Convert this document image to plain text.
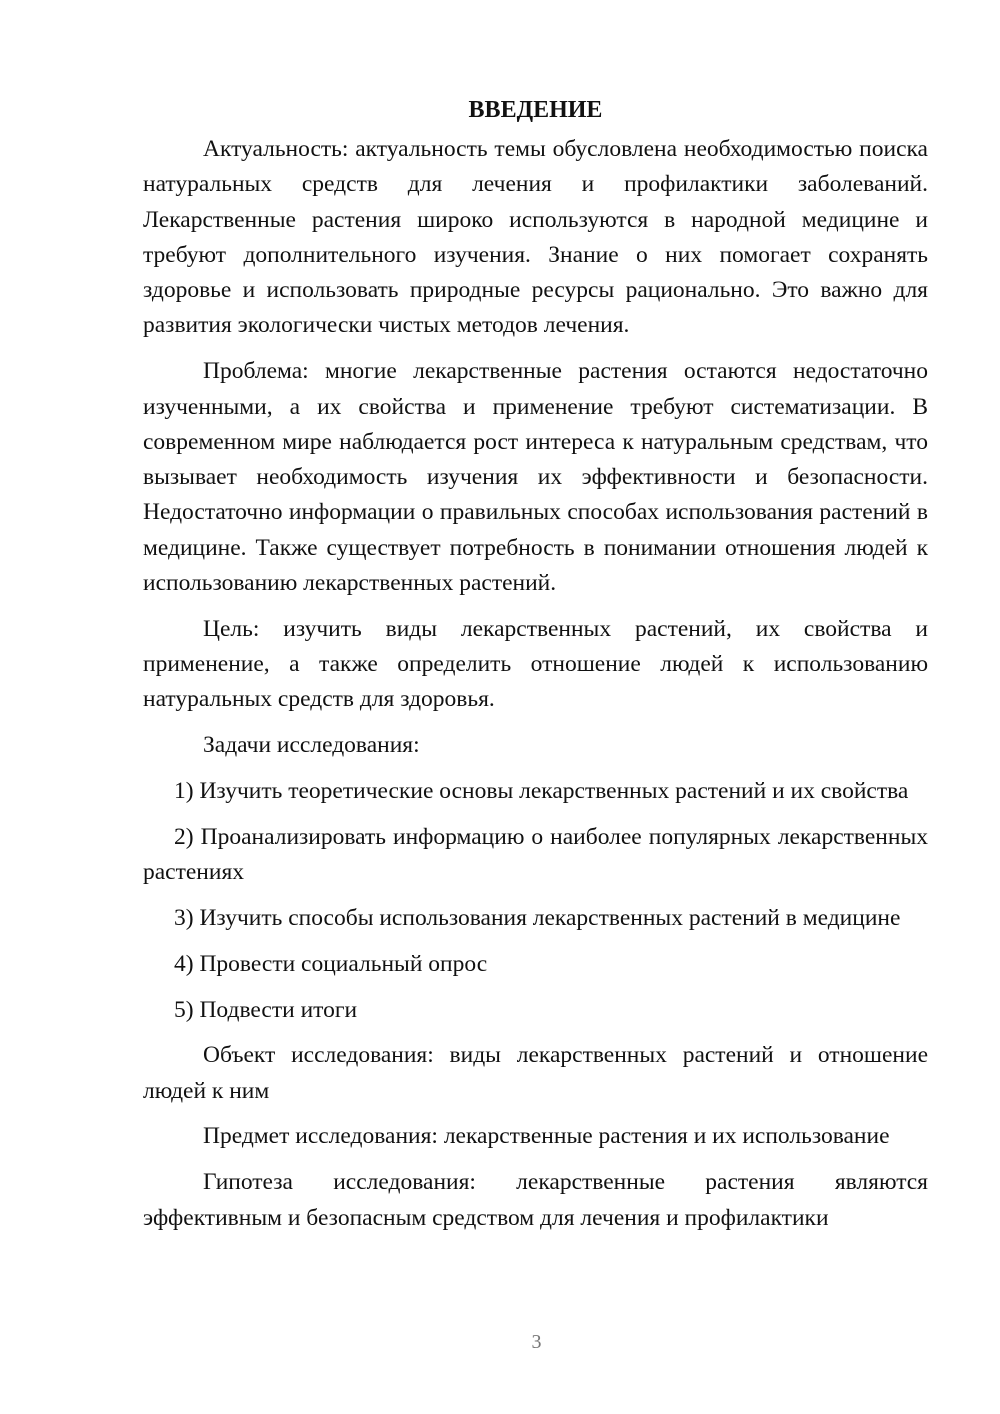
ВВЕДЕНИЕ

Актуальность: актуальность темы обусловлена необходимостью поиска натуральных средств для лечения и профилактики заболеваний. Лекарственные растения широко используются в народной медицине и требуют дополнительного изучения. Знание о них помогает сохранять здоровье и использовать природные ресурсы рационально. Это важно для развития экологически чистых методов лечения.

Проблема: многие лекарственные растения остаются недостаточно изученными, а их свойства и применение требуют систематизации. В современном мире наблюдается рост интереса к натуральным средствам, что вызывает необходимость изучения их эффективности и безопасности. Недостаточно информации о правильных способах использования растений в медицине. Также существует потребность в понимании отношения людей к использованию лекарственных растений.

Цель: изучить виды лекарственных растений, их свойства и применение, а также определить отношение людей к использованию натуральных средств для здоровья.

Задачи исследования:

1) Изучить теоретические основы лекарственных растений и их свойства

2) Проанализировать информацию о наиболее популярных лекарственных растениях

3) Изучить способы использования лекарственных растений в медицине

4) Провести социальный опрос

5) Подвести итоги

Объект исследования: виды лекарственных растений и отношение людей к ним

Предмет исследования: лекарственные растения и их использование

Гипотеза исследования: лекарственные растения являются эффективным и безопасным средством для лечения и профилактики

3
